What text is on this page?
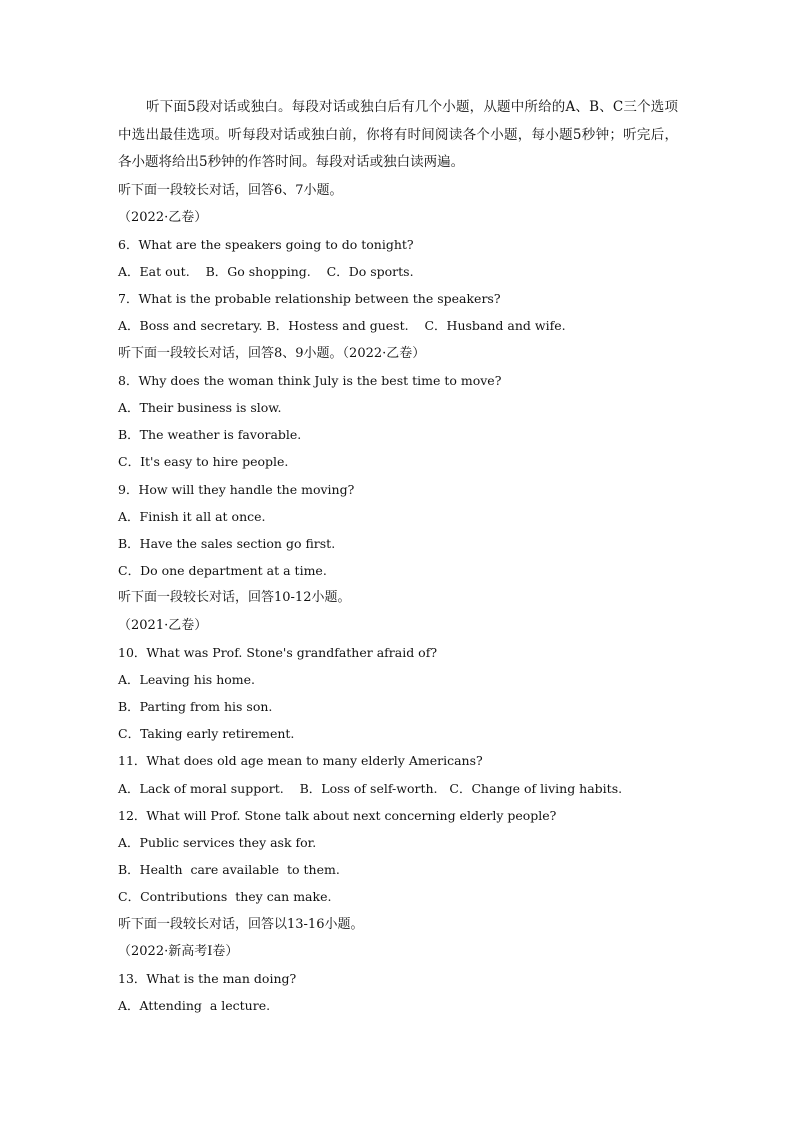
听下面5段对话或独白。每段对话或独白后有几个小题，从题中所给的A、B、C三个选项中选出最佳选项。听每段对话或独白前，你将有时间阅读各个小题，每小题5秒钟；听完后，各小题将给出5秒钟的作答时间。每段对话或独白读两遍。

听下面一段较长对话，回答6、7小题。
（2022·乙卷）
6．What are the speakers going to do tonight?
A．Eat out.    B．Go shopping.    C．Do sports.
7．What is the probable relationship between the speakers?
A．Boss and secretary. B．Hostess and guest.    C．Husband and wife.
听下面一段较长对话，回答8、9小题。（2022·乙卷）
8．Why does the woman think July is the best time to move?
A．Their business is slow.
B．The weather is favorable.
C．It's easy to hire people.
9．How will they handle the moving?
A．Finish it all at once.
B．Have the sales section go first.
C．Do one department at a time.
听下面一段较长对话，回答10-12小题。
（2021·乙卷）
10．What was Prof. Stone's grandfather afraid of?
A．Leaving his home.
B．Parting from his son.
C．Taking early retirement.
11．What does old age mean to many elderly Americans?
A．Lack of moral support.    B．Loss of self-worth.   C．Change of living habits.
12．What will Prof. Stone talk about next concerning elderly people?
A．Public services they ask for.
B．Health  care available  to them.
C．Contributions  they can make.
听下面一段较长对话，回答以13-16小题。
（2022·新高考I卷）
13．What is the man doing?
A．Attending  a lecture.
